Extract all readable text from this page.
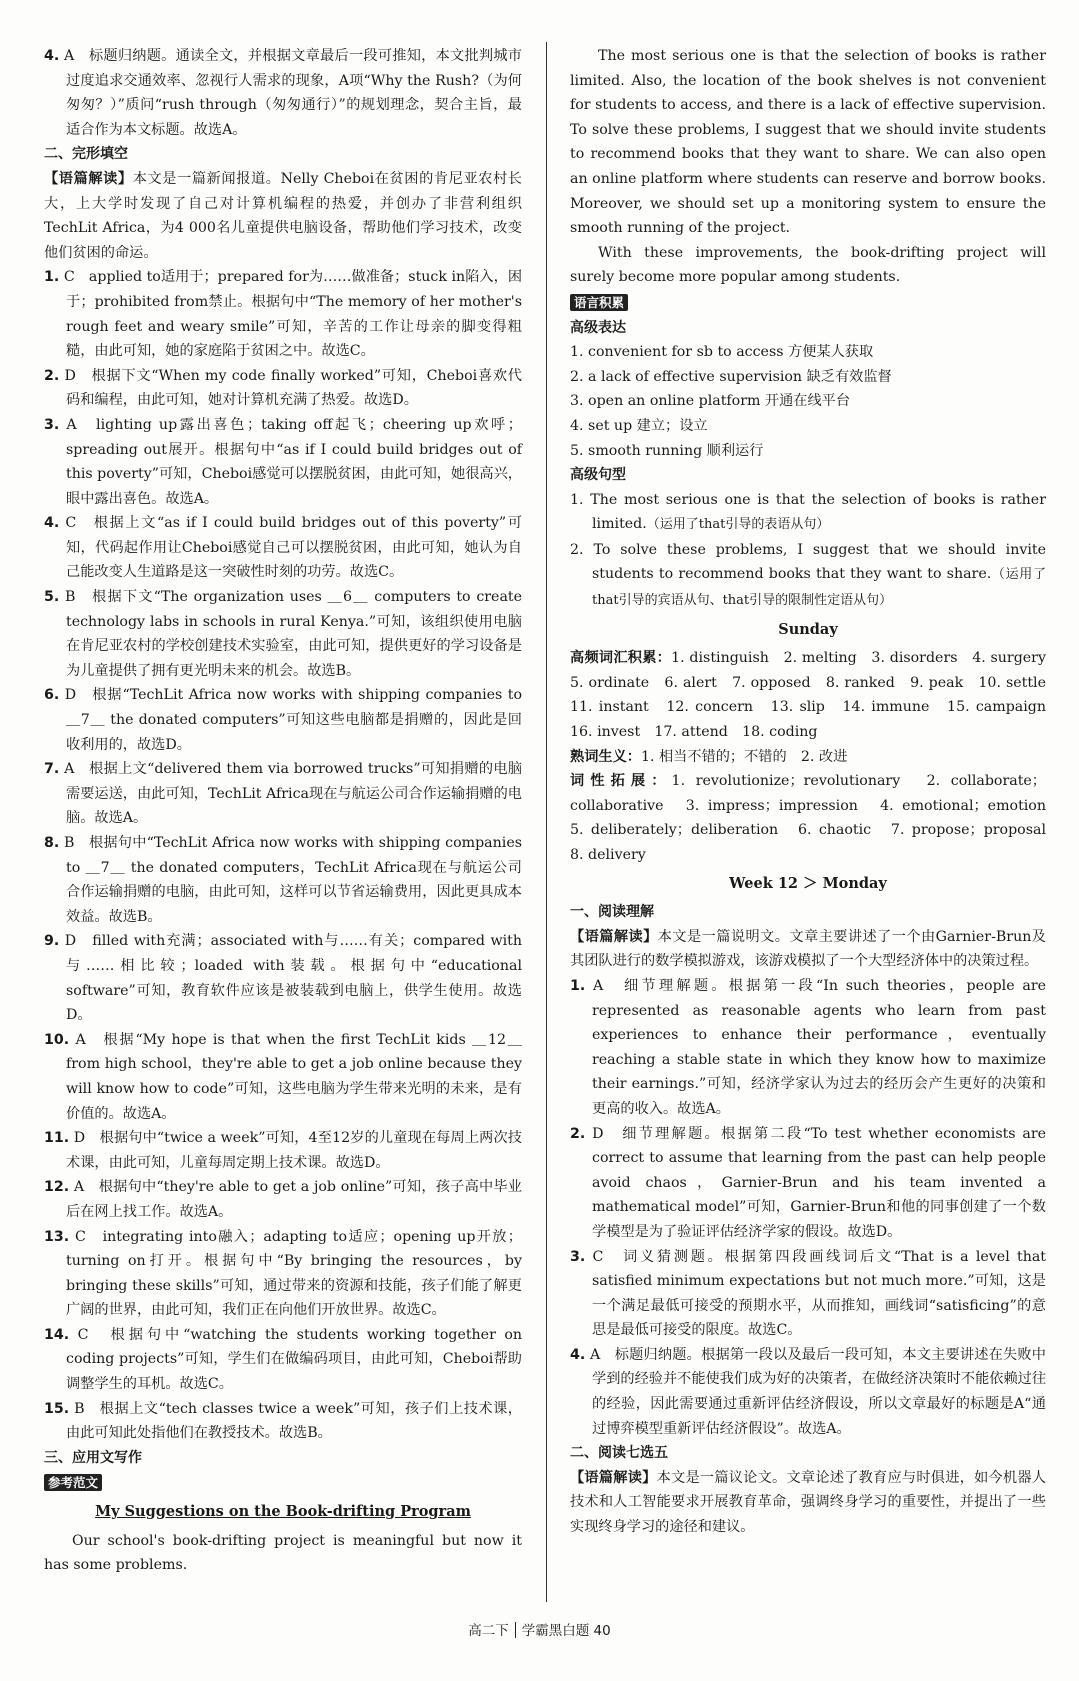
4. A　标题归纳题。通读全文，并根据文章最后一段可推知，本文批判城市过度追求交通效率、忽视行人需求的现象，A项“Why the Rush?（为何匆匆？）”质问“rush through（匆匆通行）”的规划理念，契合主旨，最适合作为本文标题。故选A。

二、完形填空

【语篇解读】本文是一篇新闻报道。Nelly Cheboi在贫困的肯尼亚农村长大，上大学时发现了自己对计算机编程的热爱，并创办了非营利组织TechLit Africa，为4 000名儿童提供电脑设备，帮助他们学习技术，改变他们贫困的命运。

1. C　applied to适用于；prepared for为……做准备；stuck in陷入，困于；prohibited from禁止。根据句中“The memory of her mother's rough feet and weary smile”可知，辛苦的工作让母亲的脚变得粗糙，由此可知，她的家庭陷于贫困之中。故选C。

2. D　根据下文“When my code finally worked”可知，Cheboi喜欢代码和编程，由此可知，她对计算机充满了热爱。故选D。

3. A　lighting up露出喜色；taking off起飞；cheering up欢呼；spreading out展开。根据句中“as if I could build bridges out of this poverty”可知，Cheboi感觉可以摆脱贫困，由此可知，她很高兴，眼中露出喜色。故选A。

4. C　根据上文“as if I could build bridges out of this poverty”可知，代码起作用让Cheboi感觉自己可以摆脱贫困，由此可知，她认为自己能改变人生道路是这一突破性时刻的功劳。故选C。

5. B　根据下文“The organization uses ＿6＿ computers to create technology labs in schools in rural Kenya.”可知，该组织使用电脑在肯尼亚农村的学校创建技术实验室，由此可知，提供更好的学习设备是为儿童提供了拥有更光明未来的机会。故选B。

6. D　根据“TechLit Africa now works with shipping companies to ＿7＿ the donated computers”可知这些电脑都是捐赠的，因此是回收利用的，故选D。

7. A　根据上文“delivered them via borrowed trucks”可知捐赠的电脑需要运送，由此可知，TechLit Africa现在与航运公司合作运输捐赠的电脑。故选A。

8. B　根据句中“TechLit Africa now works with shipping companies to ＿7＿ the donated computers，TechLit Africa现在与航运公司合作运输捐赠的电脑，由此可知，这样可以节省运输费用，因此更具成本效益。故选B。

9. D　filled with充满；associated with与……有关；compared with与……相比较；loaded with装载。根据句中“educational software”可知，教育软件应该是被装载到电脑上，供学生使用。故选D。

10. A　根据“My hope is that when the first TechLit kids ＿12＿ from high school，they're able to get a job online because they will know how to code”可知，这些电脑为学生带来光明的未来，是有价值的。故选A。

11. D　根据句中“twice a week”可知，4至12岁的儿童现在每周上两次技术课，由此可知，儿童每周定期上技术课。故选D。

12. A　根据句中“they're able to get a job online”可知，孩子高中毕业后在网上找工作。故选A。

13. C　integrating into融入；adapting to适应；opening up开放；turning on打开。根据句中“By bringing the resources，by bringing these skills”可知，通过带来的资源和技能，孩子们能了解更广阔的世界，由此可知，我们正在向他们开放世界。故选C。

14. C　根据句中“watching the students working together on coding projects”可知，学生们在做编码项目，由此可知，Cheboi帮助调整学生的耳机。故选C。

15. B　根据上文“tech classes twice a week”可知，孩子们上技术课，由此可知此处指他们在教授技术。故选B。

三、应用文写作

参考范文

My Suggestions on the Book-drifting Program

Our school's book-drifting project is meaningful but now it has some problems.

The most serious one is that the selection of books is rather limited. Also, the location of the book shelves is not convenient for students to access, and there is a lack of effective supervision. To solve these problems, I suggest that we should invite students to recommend books that they want to share. We can also open an online platform where students can reserve and borrow books. Moreover, we should set up a monitoring system to ensure the smooth running of the project.

With these improvements, the book-drifting project will surely become more popular among students.

语言积累

高级表达

1. convenient for sb to access 方便某人获取

2. a lack of effective supervision 缺乏有效监督

3. open an online platform 开通在线平台

4. set up 建立；设立

5. smooth running 顺利运行

高级句型

1. The most serious one is that the selection of books is rather limited.（运用了that引导的表语从句）

2. To solve these problems, I suggest that we should invite students to recommend books that they want to share.（运用了that引导的宾语从句、that引导的限制性定语从句）

Sunday

高频词汇积累：1. distinguish　2. melting　3. disorders　4. surgery　5. ordinate　6. alert　7. opposed　8. ranked　9. peak　10. settle　11. instant　12. concern　13. slip　14. immune　15. campaign　16. invest　17. attend　18. coding

熟词生义：1. 相当不错的；不错的　2. 改进

词性拓展：1. revolutionize；revolutionary　2. collaborate；collaborative　3. impress；impression　4. emotional；emotion　5. deliberately；deliberation　6. chaotic　7. propose；proposal　8. delivery

Week 12 ＞ Monday

一、阅读理解

【语篇解读】本文是一篇说明文。文章主要讲述了一个由Garnier-Brun及其团队进行的数学模拟游戏，该游戏模拟了一个大型经济体中的决策过程。

1. A　细节理解题。根据第一段“In such theories，people are represented as reasonable agents who learn from past experiences to enhance their performance，eventually reaching a stable state in which they know how to maximize their earnings.”可知，经济学家认为过去的经历会产生更好的决策和更高的收入。故选A。

2. D　细节理解题。根据第二段“To test whether economists are correct to assume that learning from the past can help people avoid chaos，Garnier-Brun and his team invented a mathematical model”可知，Garnier-Brun和他的同事创建了一个数学模型是为了验证评估经济学家的假设。故选D。

3. C　词义猜测题。根据第四段画线词后文“That is a level that satisfied minimum expectations but not much more.”可知，这是一个满足最低可接受的预期水平，从而推知，画线词“satisficing”的意思是最低可接受的限度。故选C。

4. A　标题归纳题。根据第一段以及最后一段可知，本文主要讲述在失败中学到的经验并不能使我们成为好的决策者，在做经济决策时不能依赖过往的经验，因此需要通过重新评估经济假设，所以文章最好的标题是A“通过博弈模型重新评估经济假设”。故选A。

二、阅读七选五

【语篇解读】本文是一篇议论文。文章论述了教育应与时俱进，如今机器人技术和人工智能要求开展教育革命，强调终身学习的重要性，并提出了一些实现终身学习的途径和建议。

高二下 学霸黑白题 40
